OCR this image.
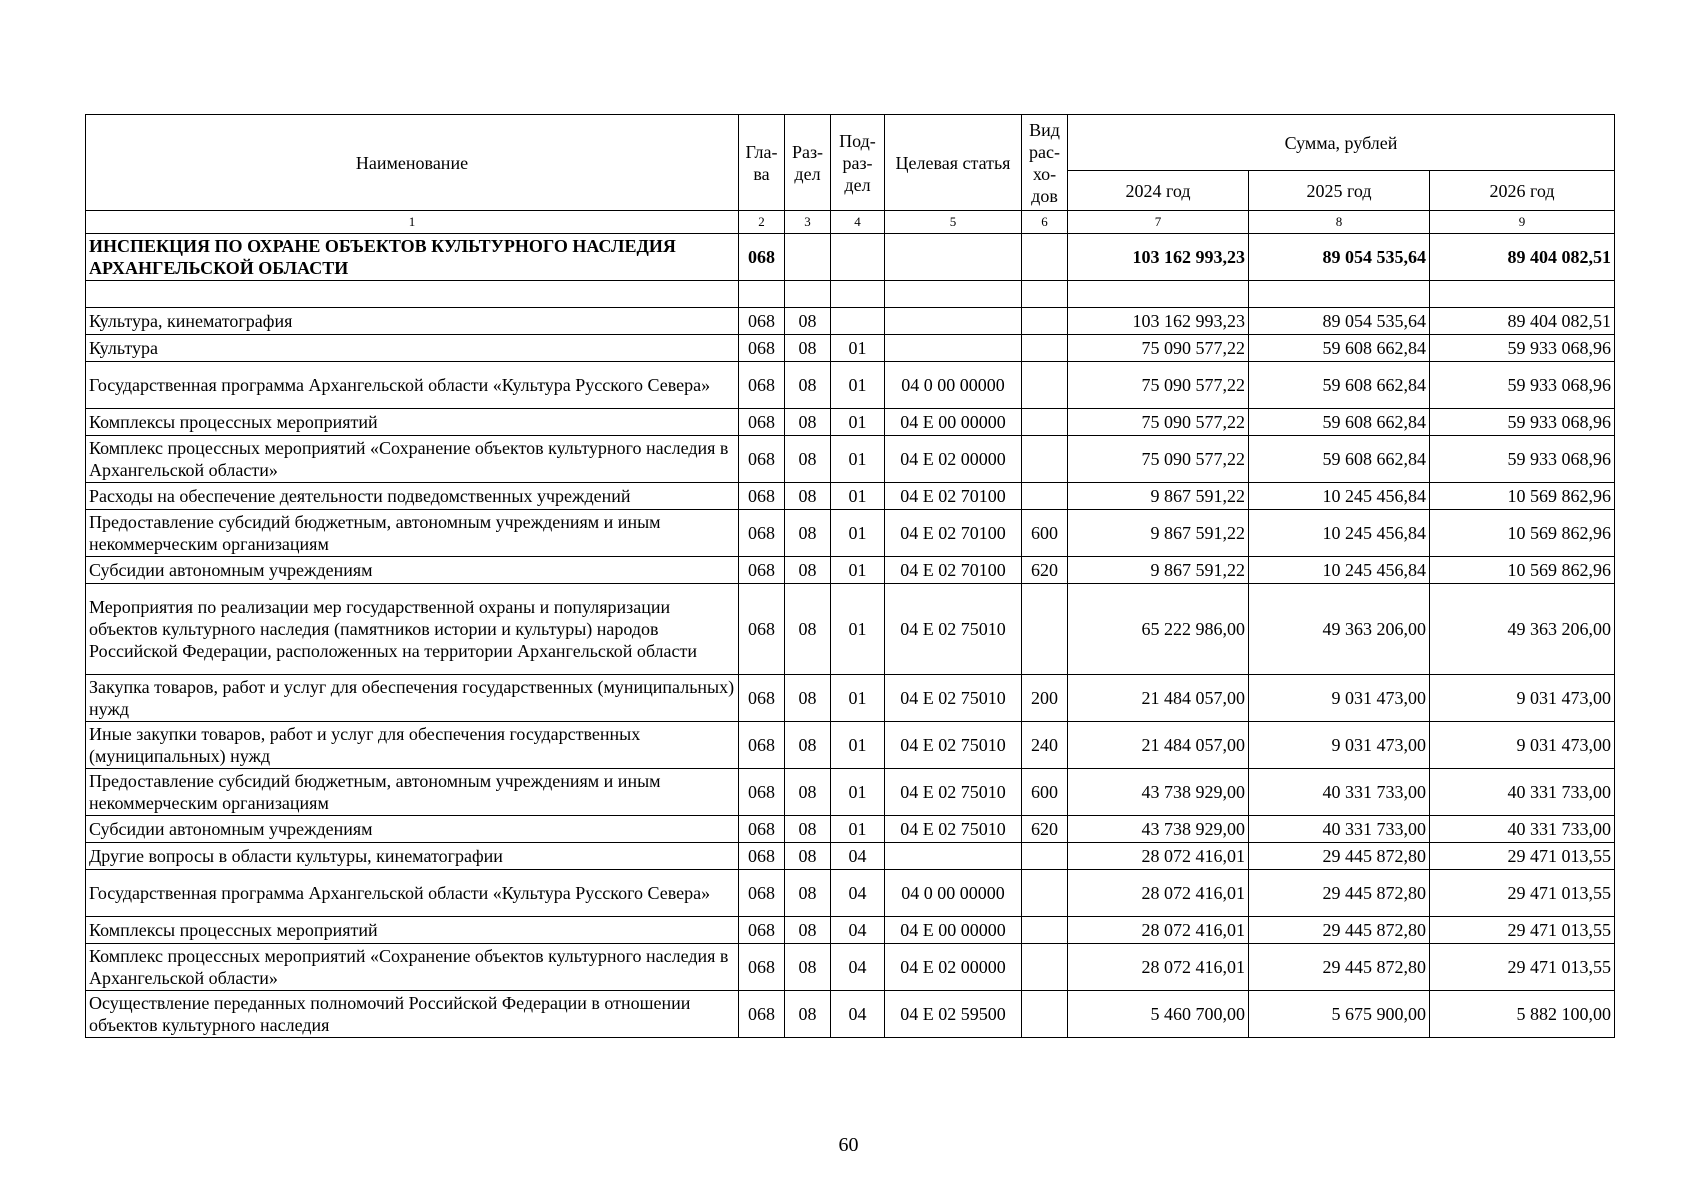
Наименование	Гла-ва	Раз-дел	Под-раз-дел	Целевая статья	Вид рас-хо-дов	Сумма, рублей		
						2024 год	2025 год	2026 год
1	2	3	4	5	6	7	8	9
ИНСПЕКЦИЯ ПО ОХРАНЕ ОБЪЕКТОВ КУЛЬТУРНОГО НАСЛЕДИЯ АРХАНГЕЛЬСКОЙ ОБЛАСТИ	068					103 162 993,23	89 054 535,64	89 404 082,51

Культура, кинематография	068	08				103 162 993,23	89 054 535,64	89 404 082,51
Культура	068	08	01			75 090 577,22	59 608 662,84	59 933 068,96
Государственная программа Архангельской области «Культура Русского Севера»	068	08	01	04 0 00 00000		75 090 577,22	59 608 662,84	59 933 068,96
Комплексы процессных мероприятий	068	08	01	04 Е 00 00000		75 090 577,22	59 608 662,84	59 933 068,96
Комплекс процессных мероприятий «Сохранение объектов культурного наследия в Архангельской области»	068	08	01	04 Е 02 00000		75 090 577,22	59 608 662,84	59 933 068,96
Расходы на обеспечение деятельности подведомственных учреждений	068	08	01	04 Е 02 70100		9 867 591,22	10 245 456,84	10 569 862,96
Предоставление субсидий бюджетным, автономным учреждениям и иным некоммерческим организациям	068	08	01	04 Е 02 70100	600	9 867 591,22	10 245 456,84	10 569 862,96
Субсидии автономным учреждениям	068	08	01	04 Е 02 70100	620	9 867 591,22	10 245 456,84	10 569 862,96
Мероприятия по реализации мер государственной охраны и популяризации объектов культурного наследия (памятников истории и культуры) народов Российской Федерации, расположенных на территории Архангельской области	068	08	01	04 Е 02 75010		65 222 986,00	49 363 206,00	49 363 206,00
Закупка товаров, работ и услуг для обеспечения государственных (муниципальных) нужд	068	08	01	04 Е 02 75010	200	21 484 057,00	9 031 473,00	9 031 473,00
Иные закупки товаров, работ и услуг для обеспечения государственных (муниципальных) нужд	068	08	01	04 Е 02 75010	240	21 484 057,00	9 031 473,00	9 031 473,00
Предоставление субсидий бюджетным, автономным учреждениям и иным некоммерческим организациям	068	08	01	04 Е 02 75010	600	43 738 929,00	40 331 733,00	40 331 733,00
Субсидии автономным учреждениям	068	08	01	04 Е 02 75010	620	43 738 929,00	40 331 733,00	40 331 733,00
Другие вопросы в области культуры, кинематографии	068	08	04			28 072 416,01	29 445 872,80	29 471 013,55
Государственная программа Архангельской области «Культура Русского Севера»	068	08	04	04 0 00 00000		28 072 416,01	29 445 872,80	29 471 013,55
Комплексы процессных мероприятий	068	08	04	04 Е 00 00000		28 072 416,01	29 445 872,80	29 471 013,55
Комплекс процессных мероприятий «Сохранение объектов культурного наследия в Архангельской области»	068	08	04	04 Е 02 00000		28 072 416,01	29 445 872,80	29 471 013,55
Осуществление переданных полномочий Российской Федерации в отношении объектов культурного наследия	068	08	04	04 Е 02 59500		5 460 700,00	5 675 900,00	5 882 100,00
60
